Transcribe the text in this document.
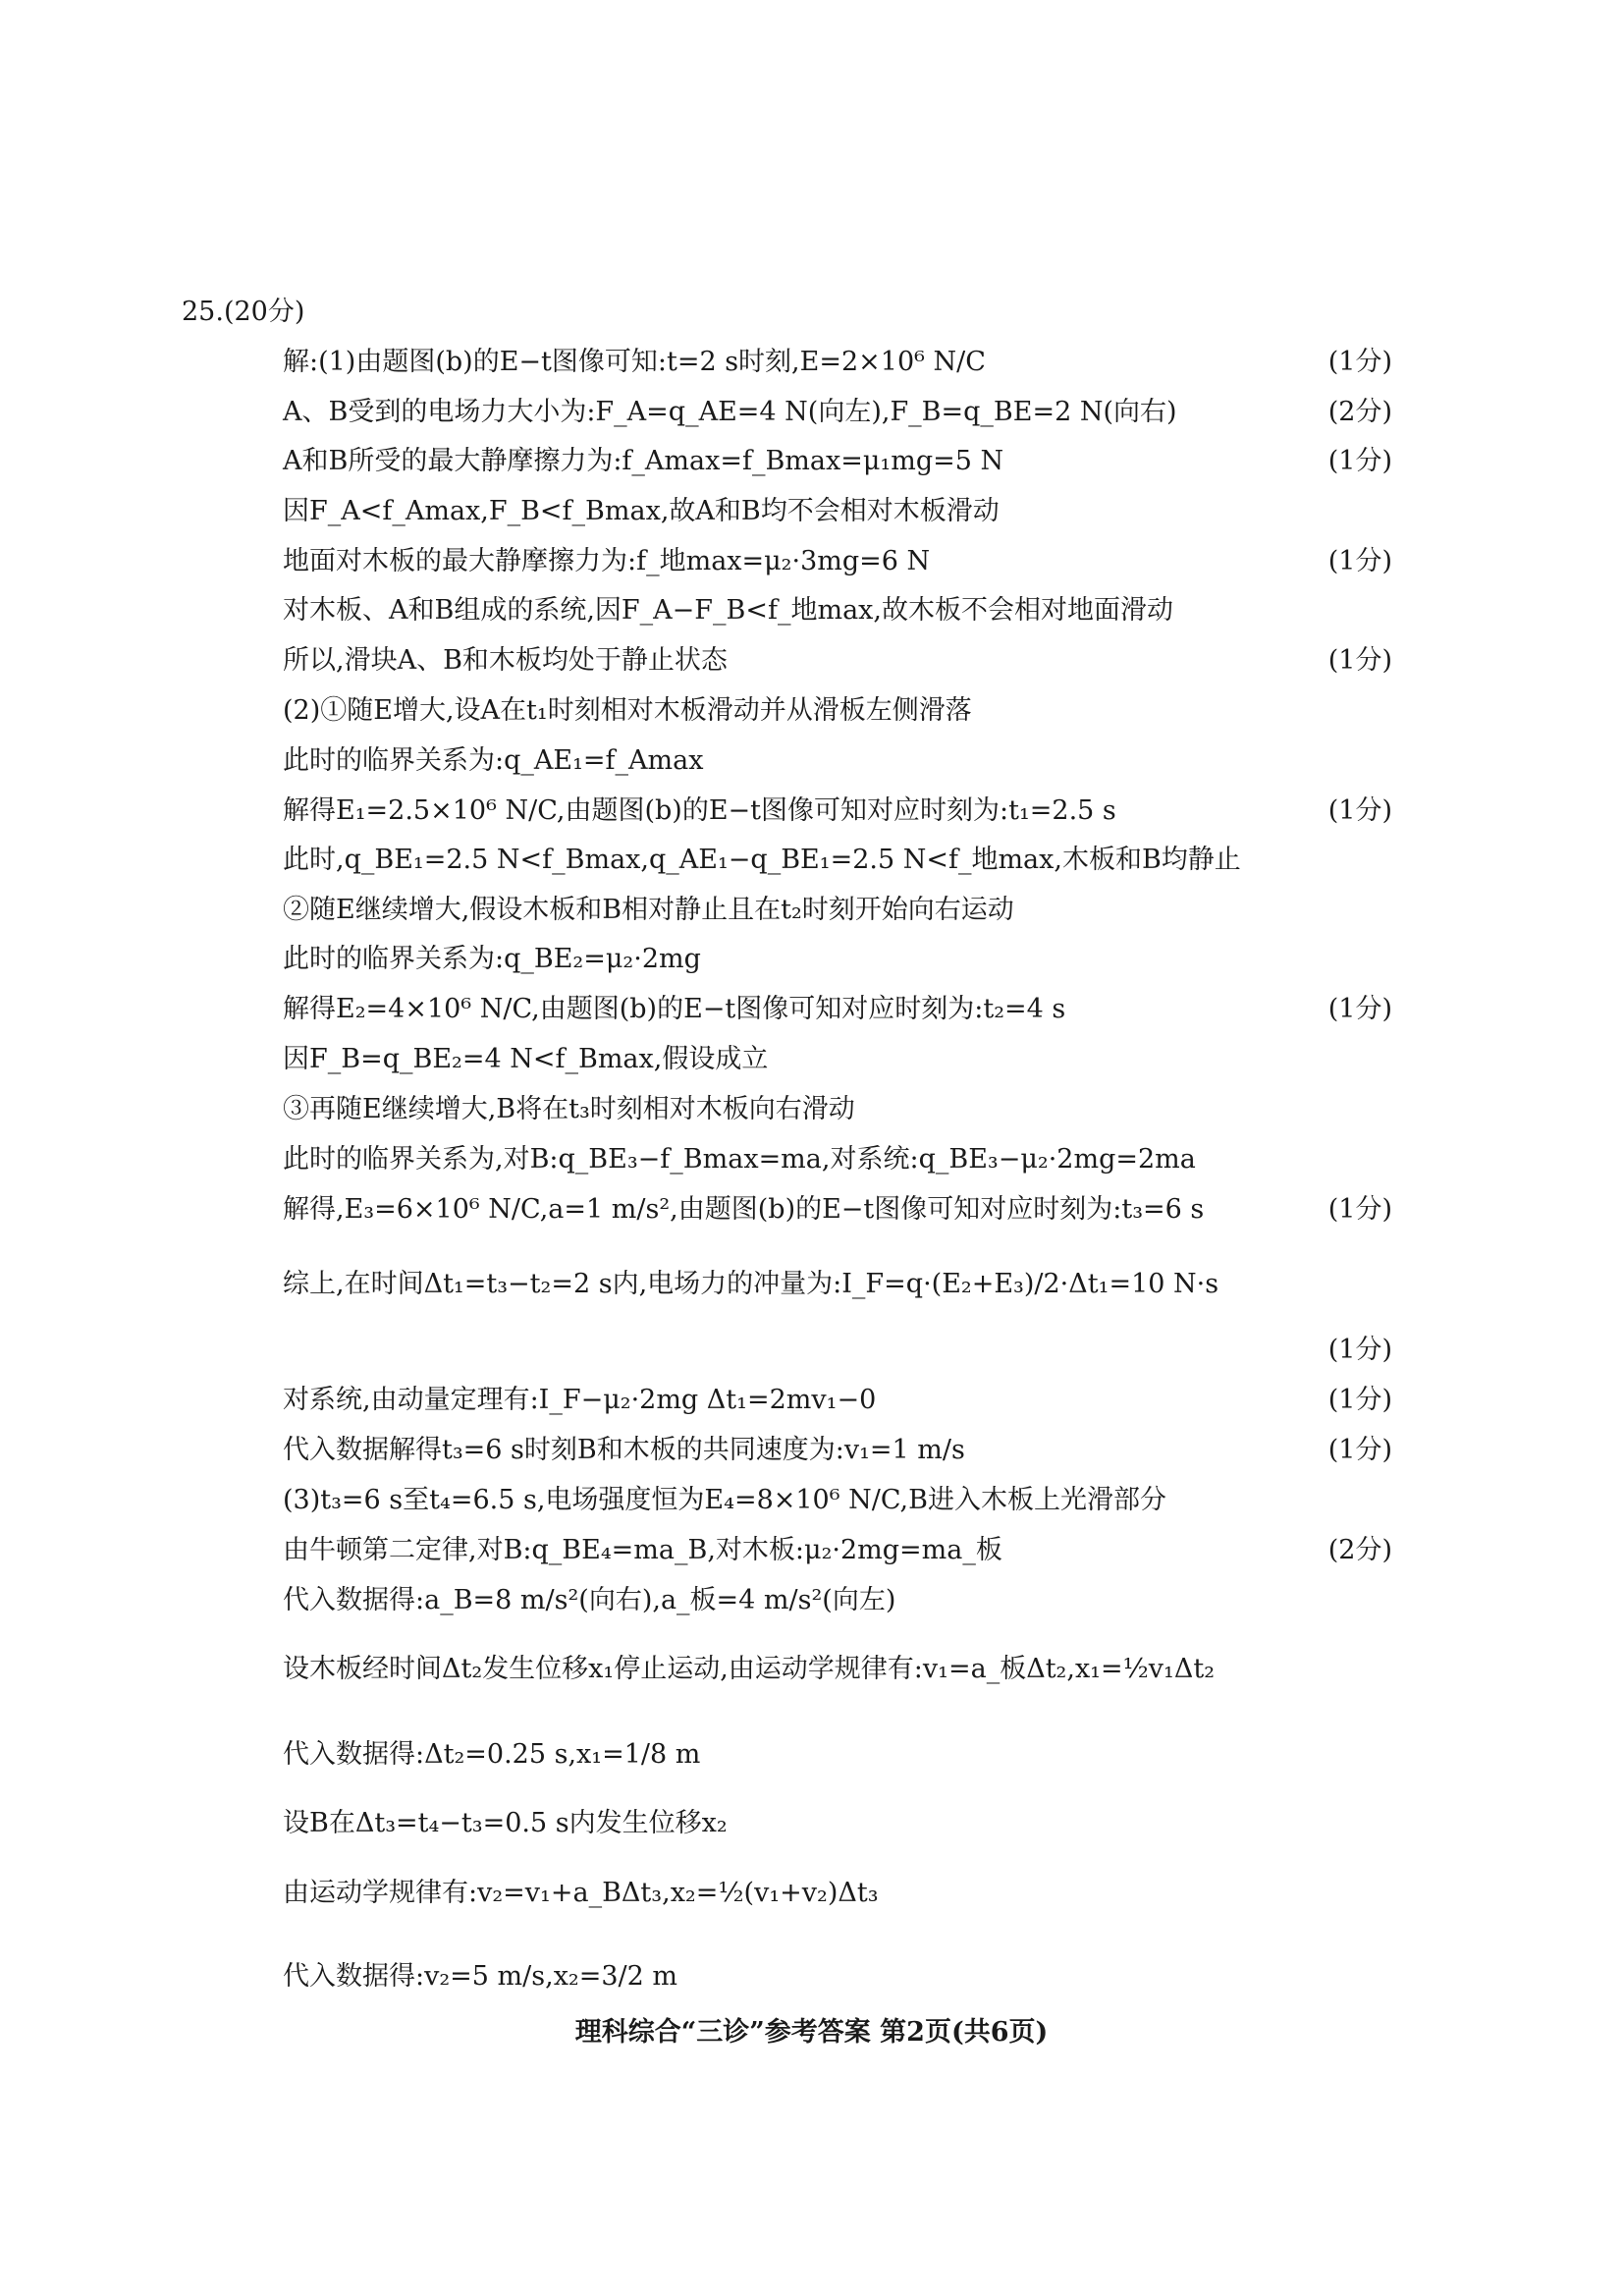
25.(20分)
解:(1)由题图(b)的E−t图像可知:t=2 s时刻,E=2×10⁶ N/C	(1分)
A、B受到的电场力大小为:F_A=q_AE=4 N(向左),F_B=q_BE=2 N(向右)	(2分)
A和B所受的最大静摩擦力为:f_Amax=f_Bmax=μ₁mg=5 N	(1分)
因F_A<f_Amax,F_B<f_Bmax,故A和B均不会相对木板滑动
地面对木板的最大静摩擦力为:f_地max=μ₂·3mg=6 N	(1分)
对木板、A和B组成的系统,因F_A−F_B<f_地max,故木板不会相对地面滑动
所以,滑块A、B和木板均处于静止状态	(1分)
(2)①随E增大,设A在t₁时刻相对木板滑动并从滑板左侧滑落
此时的临界关系为:q_AE₁=f_Amax
解得E₁=2.5×10⁶ N/C,由题图(b)的E−t图像可知对应时刻为:t₁=2.5 s	(1分)
此时,q_BE₁=2.5 N<f_Bmax,q_AE₁−q_BE₁=2.5 N<f_地max,木板和B均静止
②随E继续增大,假设木板和B相对静止且在t₂时刻开始向右运动
此时的临界关系为:q_BE₂=μ₂·2mg
解得E₂=4×10⁶ N/C,由题图(b)的E−t图像可知对应时刻为:t₂=4 s	(1分)
因F_B=q_BE₂=4 N<f_Bmax,假设成立
③再随E继续增大,B将在t₃时刻相对木板向右滑动
此时的临界关系为,对B:q_BE₃−f_Bmax=ma,对系统:q_BE₃−μ₂·2mg=2ma
解得,E₃=6×10⁶ N/C,a=1 m/s²,由题图(b)的E−t图像可知对应时刻为:t₃=6 s	(1分)
综上,在时间Δt₁=t₃−t₂=2 s内,电场力的冲量为:I_F=q·(E₂+E₃)/2·Δt₁=10 N·s
(1分)
对系统,由动量定理有:I_F−μ₂·2mg Δt₁=2mv₁−0	(1分)
代入数据解得t₃=6 s时刻B和木板的共同速度为:v₁=1 m/s	(1分)
(3)t₃=6 s至t₄=6.5 s,电场强度恒为E₄=8×10⁶ N/C,B进入木板上光滑部分
由牛顿第二定律,对B:q_BE₄=ma_B,对木板:μ₂·2mg=ma_板	(2分)
代入数据得:a_B=8 m/s²(向右),a_板=4 m/s²(向左)
设木板经时间Δt₂发生位移x₁停止运动,由运动学规律有:v₁=a_板Δt₂,x₁=½v₁Δt₂
代入数据得:Δt₂=0.25 s,x₁=1/8 m
设B在Δt₃=t₄−t₃=0.5 s内发生位移x₂
由运动学规律有:v₂=v₁+a_BΔt₃,x₂=½(v₁+v₂)Δt₃
代入数据得:v₂=5 m/s,x₂=3/2 m
理科综合“三诊”参考答案 第2页(共6页)
